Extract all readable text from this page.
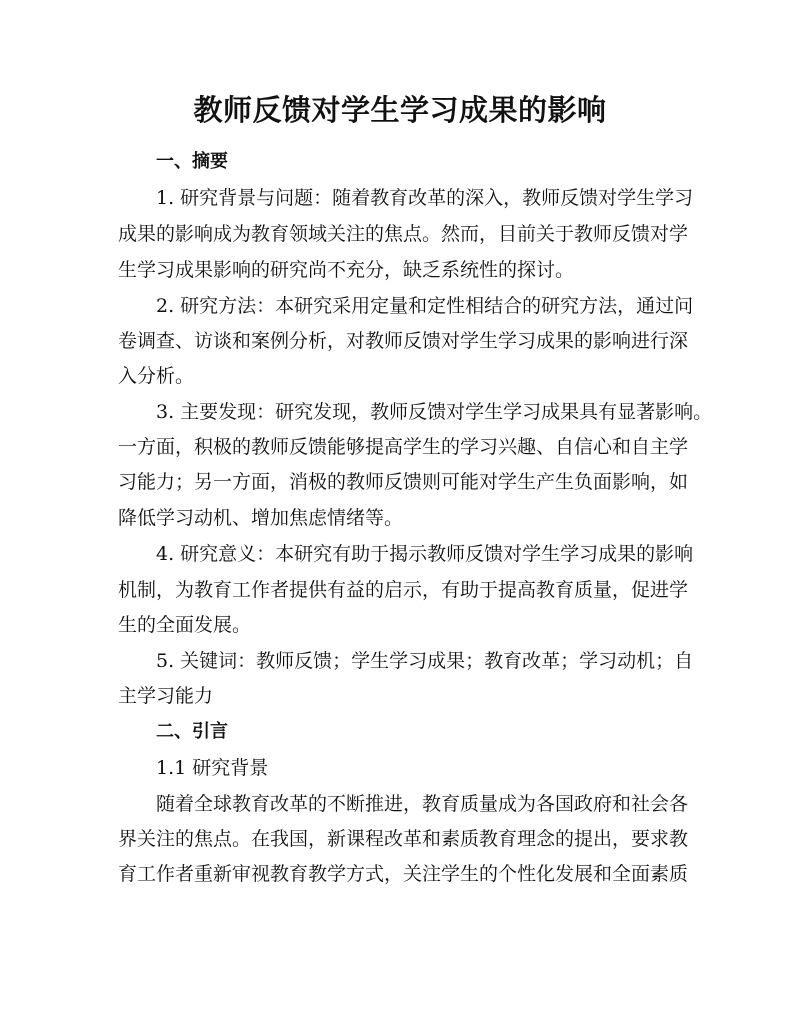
教师反馈对学生学习成果的影响
一、摘要
1. 研究背景与问题：随着教育改革的深入，教师反馈对学生学习
成果的影响成为教育领域关注的焦点。然而，目前关于教师反馈对学
生学习成果影响的研究尚不充分，缺乏系统性的探讨。
2. 研究方法：本研究采用定量和定性相结合的研究方法，通过问
卷调查、访谈和案例分析，对教师反馈对学生学习成果的影响进行深
入分析。
3. 主要发现：研究发现，教师反馈对学生学习成果具有显著影响。
一方面，积极的教师反馈能够提高学生的学习兴趣、自信心和自主学
习能力；另一方面，消极的教师反馈则可能对学生产生负面影响，如
降低学习动机、增加焦虑情绪等。
4. 研究意义：本研究有助于揭示教师反馈对学生学习成果的影响
机制，为教育工作者提供有益的启示，有助于提高教育质量，促进学
生的全面发展。
5. 关键词：教师反馈；学生学习成果；教育改革；学习动机；自
主学习能力
二、引言
1.1 研究背景
随着全球教育改革的不断推进，教育质量成为各国政府和社会各
界关注的焦点。在我国，新课程改革和素质教育理念的提出，要求教
育工作者重新审视教育教学方式，关注学生的个性化发展和全面素质
